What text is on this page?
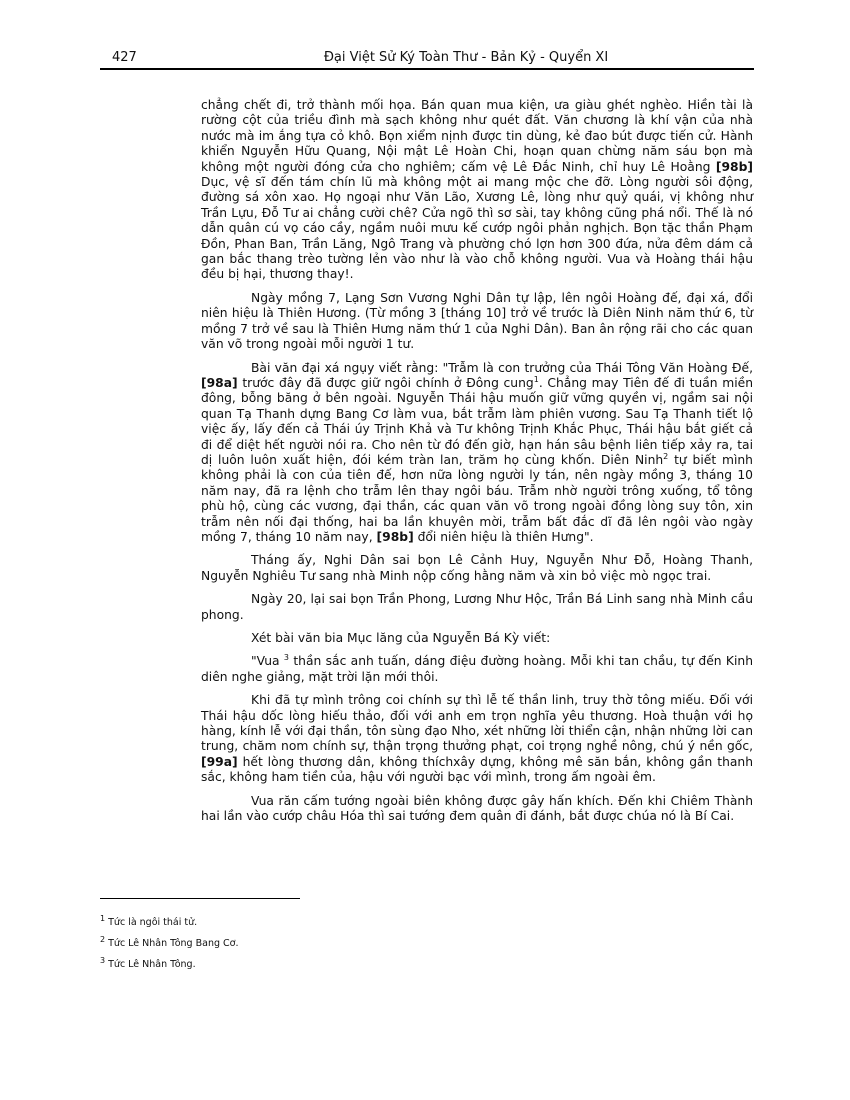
427	Đại Việt Sử Ký Toàn Thư - Bản Kỷ - Quyển XI

chẳng chết đi, trở thành mối họa. Bán quan mua kiện, ưa giàu ghét nghèo. Hiền tài là rường cột của triều đình mà sạch không như quét đất. Văn chương là khí vận của nhà nước mà im ắng tựa cỏ khô. Bọn xiểm nịnh được tin dùng, kẻ đao bút được tiến cử. Hành khiển Nguyễn Hữu Quang, Nội mật Lê Hoàn Chi, hoạn quan chừng năm sáu bọn mà không một người đóng cửa cho nghiêm; cấm vệ Lê Đắc Ninh, chỉ huy Lê Hoằng [98b] Dục, vệ sĩ đến tám chín lũ mà không một ai mang mộc che đỡ. Lòng người sôi động, đường sá xôn xao. Họ ngoại như Văn Lão, Xương Lê, lòng như quỷ quái, vị không như Trần Lựu, Đỗ Tư ai chẳng cười chê? Cửa ngõ thì sơ sài, tay không cũng phá nổi. Thế là nó dẫn quân cú vọ cáo cầy, ngầm nuôi mưu kế cướp ngôi phản nghịch. Bọn tặc thần Phạm Đồn, Phan Ban, Trần Lăng, Ngô Trang và phường chó lợn hơn 300 đứa, nửa đêm dám cả gan bắc thang trèo tường lẻn vào như là vào chỗ không người. Vua và Hoàng thái hậu đều bị hại, thương thay!.

Ngày mồng 7, Lạng Sơn Vương Nghi Dân tự lập, lên ngôi Hoàng đế, đại xá, đổi niên hiệu là Thiên Hương. (Từ mồng 3 [tháng 10] trở về trước là Diên Ninh năm thứ 6, từ mồng 7 trở về sau là Thiên Hưng năm thứ 1 của Nghi Dân). Ban ân rộng rãi cho các quan văn võ trong ngoài mỗi người 1 tư.

Bài văn đại xá ngụy viết rằng: "Trẫm là con trưởng của Thái Tông Văn Hoàng Đế, [98a] trước đây đã được giữ ngôi chính ở Đông cung$^1$. Chẳng may Tiên đế đi tuần miền đông, bỗng băng ở bên ngoài. Nguyễn Thái hậu muốn giữ vững quyền vị, ngầm sai nội quan Tạ Thanh dựng Bang Cơ làm vua, bắt trẫm làm phiên vương. Sau Tạ Thanh tiết lộ việc ấy, lấy đến cả Thái úy Trịnh Khả và Tư không Trịnh Khắc Phục, Thái hậu bắt giết cả đi để diệt hết người nói ra. Cho nên từ đó đến giờ, hạn hán sâu bệnh liên tiếp xảy ra, tai dị luôn luôn xuất hiện, đói kém tràn lan, trăm họ cùng khốn. Diên Ninh$^2$ tự biết mình không phải là con của tiên đế, hơn nữa lòng người ly tán, nên ngày mồng 3, tháng 10 năm nay, đã ra lệnh cho trẫm lên thay ngôi báu. Trẫm nhờ người trông xuống, tổ tông phù hộ, cùng các vương, đại thần, các quan văn võ trong ngoài đồng lòng suy tôn, xin trẫm nên nối đại thống, hai ba lần khuyên mời, trẫm bất đắc dĩ đã lên ngôi vào ngày mồng 7, tháng 10 năm nay, [98b] đổi niên hiệu là thiên Hưng".

Tháng ấy, Nghi Dân sai bọn Lê Cảnh Huy, Nguyễn Như Đỗ, Hoàng Thanh, Nguyễn Nghiêu Tư sang nhà Minh nộp cống hằng năm và xin bỏ việc mò ngọc trai.

Ngày 20, lại sai bọn Trần Phong, Lương Như Hộc, Trần Bá Linh sang nhà Minh cầu phong.

Xét bài văn bia Mục lăng của Nguyễn Bá Kỳ viết:

"Vua $^3$ thần sắc anh tuấn, dáng điệu đường hoàng. Mỗi khi tan chầu, tự đến Kinh diên nghe giảng, mặt trời lặn mới thôi.

Khi đã tự mình trông coi chính sự thì lễ tế thần linh, truy thờ tông miếu. Đối với Thái hậu dốc lòng hiếu thảo, đối với anh em trọn nghĩa yêu thương. Hoà thuận với họ hàng, kính lễ với đại thần, tôn sùng đạo Nho, xét những lời thiển cận, nhận những lời can trung, chăm nom chính sự, thận trọng thưởng phạt, coi trọng nghề nông, chú ý nền gốc, [99a] hết lòng thương dân, không thíchxây dựng, không mê săn bắn, không gần thanh sắc, không ham tiền của, hậu với người bạc với mình, trong ấm ngoài êm.

Vua răn cấm tướng ngoài biên không được gây hấn khích. Đến khi Chiêm Thành hai lần vào cướp châu Hóa thì sai tướng đem quân đi đánh, bắt được chúa nó là Bí Cai.

$^1$ Tức là ngôi thái tử.
$^2$ Tức Lê Nhân Tông Bang Cơ.
$^3$ Tức Lê Nhân Tông.
